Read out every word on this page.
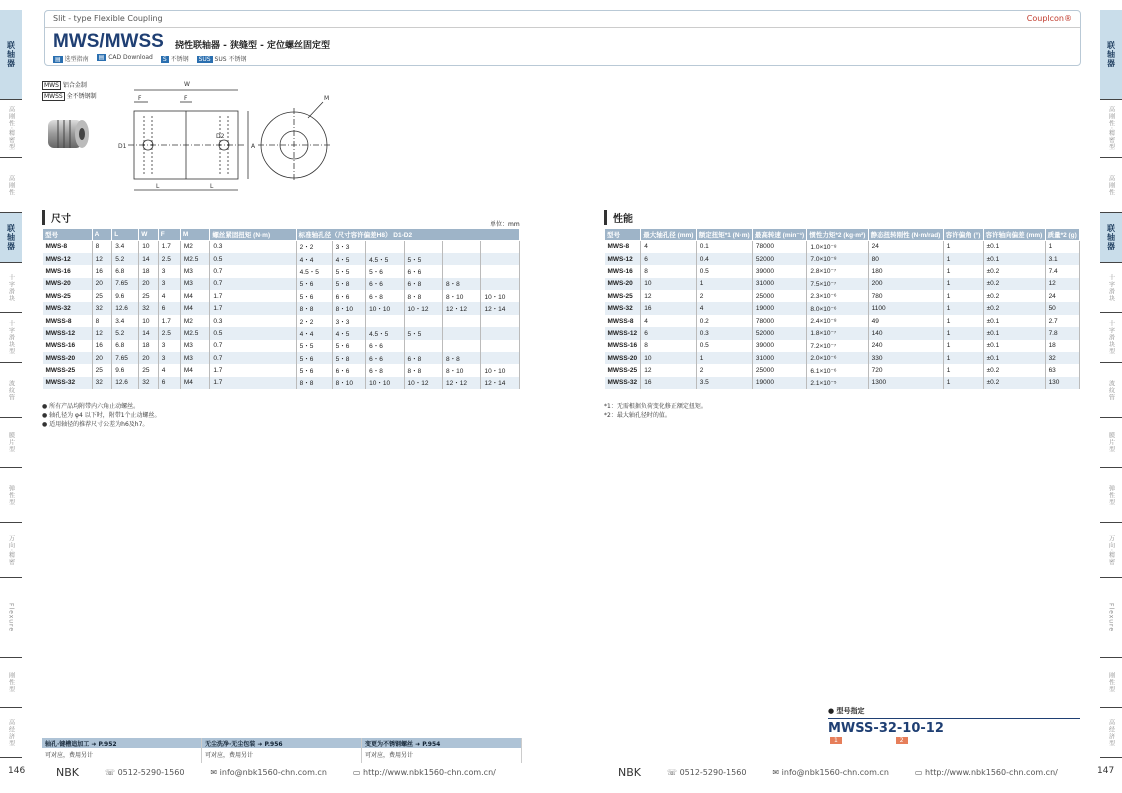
联轴器
高刚性·精密型
高刚性
联轴器
十字滑块
十字滑块型
波纹管
膜片型
弹性型
万向·精密
Flexure
刚性型
高经济型
联轴器
高刚性·精密型
高刚性
联轴器
十字滑块
十字滑块型
波纹管
膜片型
弹性型
万向·精密
Flexure
刚性型
高经济型
Slit - type Flexible Coupling	Couplcon®
MWS/MWSS 挠性联轴器 - 狭缝型 - 定位螺丝固定型
▤ 选型指南	▤ CAD Download	S 不锈钢	SUS SUS 不锈钢
MWS 铝合金制
MWSS 全不锈钢制
W
F	F
D1
D2
A
L	L
M
尺寸	单位：mm
型号	A	L	W	F	M	螺丝紧固扭矩 (N·m)	标准轴孔径（尺寸容许偏差H8） D1-D2					
MWS-8	8	3.4	10	1.7	M2	0.3	2・2	3・3				
MWS-12	12	5.2	14	2.5	M2.5	0.5	4・4	4・5	4.5・5	5・5		
MWS-16	16	6.8	18	3	M3	0.7	4.5・5	5・5	5・6	6・6		
MWS-20	20	7.65	20	3	M3	0.7	5・6	5・8	6・6	6・8	8・8	
MWS-25	25	9.6	25	4	M4	1.7	5・6	6・6	6・8	8・8	8・10	10・10
MWS-32	32	12.6	32	6	M4	1.7	8・8	8・10	10・10	10・12	12・12	12・14
MWSS-8	8	3.4	10	1.7	M2	0.3	2・2	3・3				
MWSS-12	12	5.2	14	2.5	M2.5	0.5	4・4	4・5	4.5・5	5・5		
MWSS-16	16	6.8	18	3	M3	0.7	5・5	5・6	6・6			
MWSS-20	20	7.65	20	3	M3	0.7	5・6	5・8	6・6	6・8	8・8	
MWSS-25	25	9.6	25	4	M4	1.7	5・6	6・6	6・8	8・8	8・10	10・10
MWSS-32	32	12.6	32	6	M4	1.7	8・8	8・10	10・10	10・12	12・12	12・14
● 所有产品均附带内六角止动螺丝。
● 轴孔径为 φ4 以下时，附带1个止动螺丝。
● 适用轴径的推荐尺寸公差为h6及h7。
性能
型号	最大轴孔径 (mm)	额定扭矩*1 (N·m)	最高转速 (min⁻¹)	惯性力矩*2 (kg·m²)	静态扭转刚性 (N·m/rad)	容许偏角 (°)	容许轴向偏差 (mm)	质量*2 (g)
MWS-8	4	0.1	78000	1.0×10⁻⁸	24	1	±0.1	1
MWS-12	6	0.4	52000	7.0×10⁻⁸	80	1	±0.1	3.1
MWS-16	8	0.5	39000	2.8×10⁻⁷	180	1	±0.2	7.4
MWS-20	10	1	31000	7.5×10⁻⁷	200	1	±0.2	12
MWS-25	12	2	25000	2.3×10⁻⁶	780	1	±0.2	24
MWS-32	16	4	19000	8.0×10⁻⁶	1100	1	±0.2	50
MWSS-8	4	0.2	78000	2.4×10⁻⁸	49	1	±0.1	2.7
MWSS-12	6	0.3	52000	1.8×10⁻⁷	140	1	±0.1	7.8
MWSS-16	8	0.5	39000	7.2×10⁻⁷	240	1	±0.1	18
MWSS-20	10	1	31000	2.0×10⁻⁶	330	1	±0.1	32
MWSS-25	12	2	25000	6.1×10⁻⁶	720	1	±0.2	63
MWSS-32	16	3.5	19000	2.1×10⁻⁵	1300	1	±0.2	130
*1：无需根据负荷变化修正额定扭矩。
*2：最大轴孔径时的值。
● 型号指定
MWSS-32-10-12
1	2
轴孔·键槽追加工 ➜ P.952
可对应，费用另计
无尘洗净·无尘包装 ➜ P.956
可对应，费用另计
变更为不锈钢螺丝 ➜ P.954
可对应，费用另计
146	NBK	☏ 0512-5290-1560	✉ info@nbk1560-chn.com.cn	▭ http://www.nbk1560-chn.com.cn/	NBK	☏ 0512-5290-1560	✉ info@nbk1560-chn.com.cn	▭ http://www.nbk1560-chn.com.cn/	147
